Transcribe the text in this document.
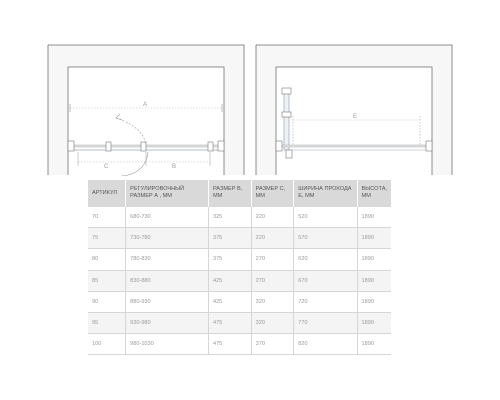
A
C	B
E
АРТИКУЛ	РЕГУЛИРОВОЧНЫЙ РАЗМЕР А , ММ	РАЗМЕР В, ММ	РАЗМЕР С, ММ	ШИРИНА ПРОХОДА Е, ММ	ВЫСОТА, ММ
70	680-730	325	220	520	1890
75	730-780	375	220	570	1890
80	780-830	375	270	620	1890
85	830-880	425	270	670	1890
90	880-930	425	320	720	1890
95	930-980	475	320	770	1890
100	980-1030	475	370	820	1890
